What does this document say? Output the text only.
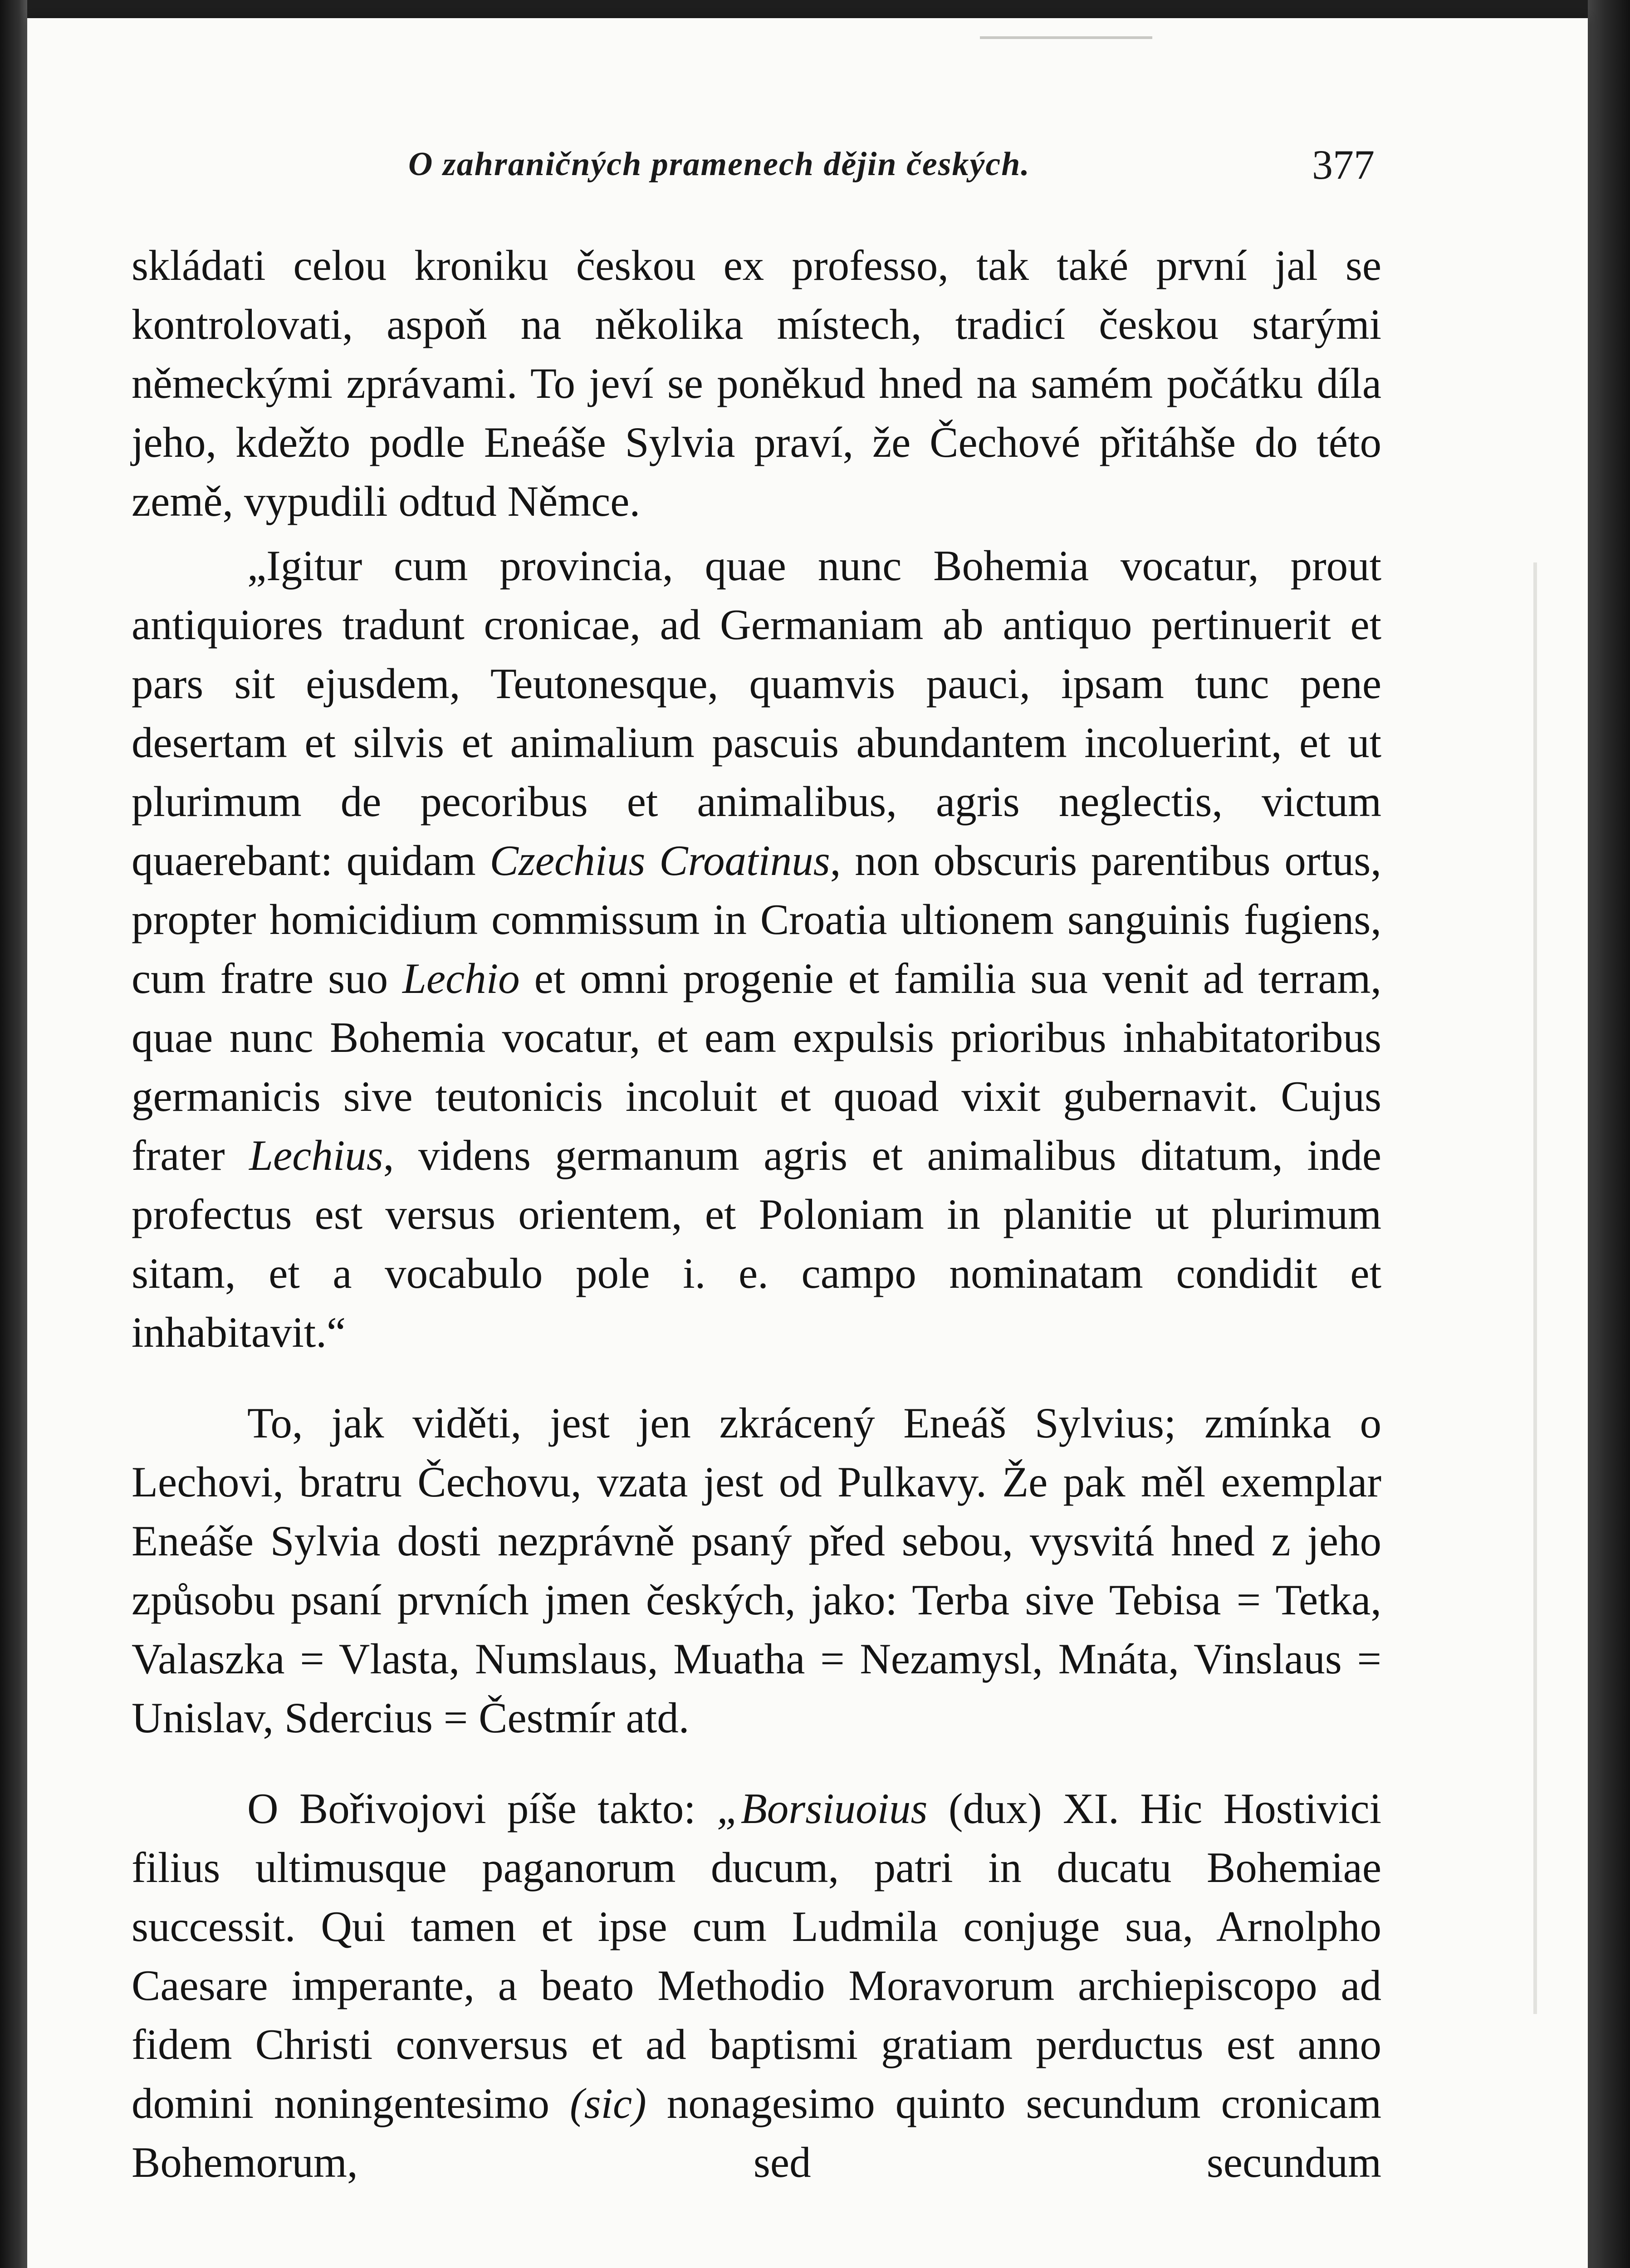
O zahraničných pramenech dějin českých.	377

skládati celou kroniku českou ex professo, tak také první jal se kontrolovati, aspoň na několika místech, tradicí českou starými německými zprávami. To jeví se poněkud hned na samém počátku díla jeho, kdežto podle Eneáše Sylvia praví, že Čechové přitáhše do této země, vypudili odtud Němce.

„Igitur cum provincia, quae nunc Bohemia vocatur, prout antiquiores tradunt cronicae, ad Germaniam ab antiquo pertinuerit et pars sit ejusdem, Teutonesque, quamvis pauci, ipsam tunc pene desertam et silvis et animalium pascuis abundantem incoluerint, et ut plurimum de pecoribus et animalibus, agris neglectis, victum quaerebant: quidam Czechius Croatinus, non obscuris parentibus ortus, propter homicidium commissum in Croatia ultionem sanguinis fugiens, cum fratre suo Lechio et omni progenie et familia sua venit ad terram, quae nunc Bohemia vocatur, et eam expulsis prioribus inhabitatoribus germanicis sive teutonicis incoluit et quoad vixit gubernavit. Cujus frater Lechius, videns germanum agris et animalibus ditatum, inde profectus est versus orientem, et Poloniam in planitie ut plurimum sitam, et a vocabulo pole i. e. campo nominatam condidit et inhabitavit.“

To, jak viděti, jest jen zkrácený Eneáš Sylvius; zmínka o Lechovi, bratru Čechovu, vzata jest od Pulkavy. Že pak měl exemplar Eneáše Sylvia dosti nezprávně psaný před sebou, vysvitá hned z jeho způsobu psaní prvních jmen českých, jako: Terba sive Tebisa = Tetka, Valaszka = Vlasta, Numslaus, Muatha = Nezamysl, Mnáta, Vinslaus = Unislav, Sdercius = Čestmír atd.

O Bořivojovi píše takto: „Borsiuoius (dux) XI. Hic Hostivici filius ultimusque paganorum ducum, patri in ducatu Bohemiae successit. Qui tamen et ipse cum Ludmila conjuge sua, Arnolpho Caesare imperante, a beato Methodio Moravorum archiepiscopo ad fidem Christi conversus et ad baptismi gratiam perductus est anno domini noningentesimo (sic) nonagesimo quinto secundum cronicam Bohemorum, sed secundum
